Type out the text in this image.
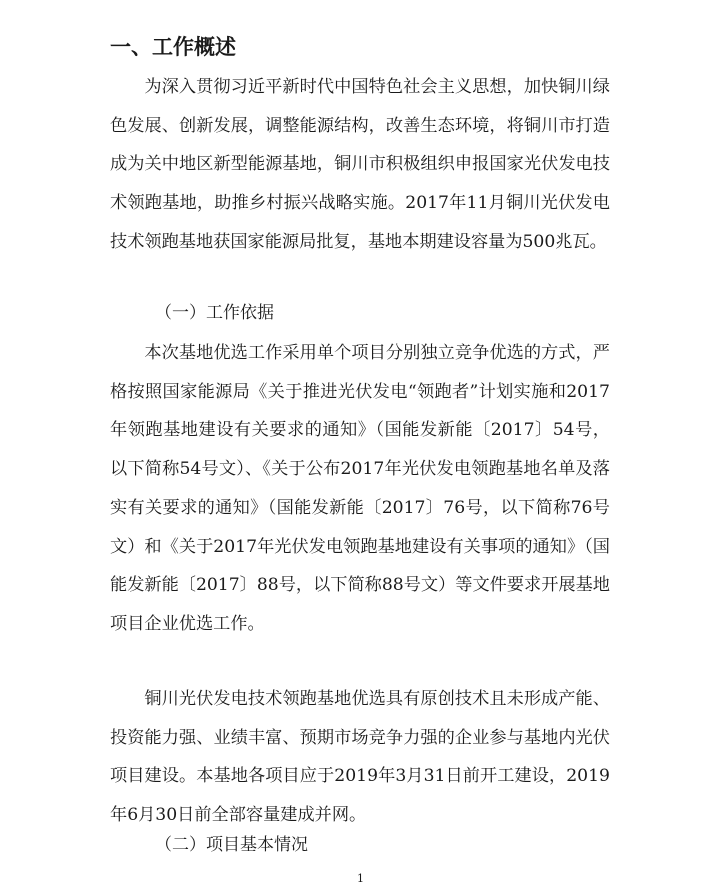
一、工作概述

为深入贯彻习近平新时代中国特色社会主义思想，加快铜川绿色发展、创新发展，调整能源结构，改善生态环境，将铜川市打造成为关中地区新型能源基地，铜川市积极组织申报国家光伏发电技术领跑基地，助推乡村振兴战略实施。2017年11月铜川光伏发电技术领跑基地获国家能源局批复，基地本期建设容量为500兆瓦。

（一）工作依据

本次基地优选工作采用单个项目分别独立竞争优选的方式，严格按照国家能源局《关于推进光伏发电“领跑者”计划实施和2017年领跑基地建设有关要求的通知》（国能发新能〔2017〕54号，以下简称54号文）、《关于公布2017年光伏发电领跑基地名单及落实有关要求的通知》（国能发新能〔2017〕76号，以下简称76号文）和《关于2017年光伏发电领跑基地建设有关事项的通知》（国能发新能〔2017〕88号，以下简称88号文）等文件要求开展基地项目企业优选工作。

铜川光伏发电技术领跑基地优选具有原创技术且未形成产能、投资能力强、业绩丰富、预期市场竞争力强的企业参与基地内光伏项目建设。本基地各项目应于2019年3月31日前开工建设，2019年6月30日前全部容量建成并网。

（二）项目基本情况
1
